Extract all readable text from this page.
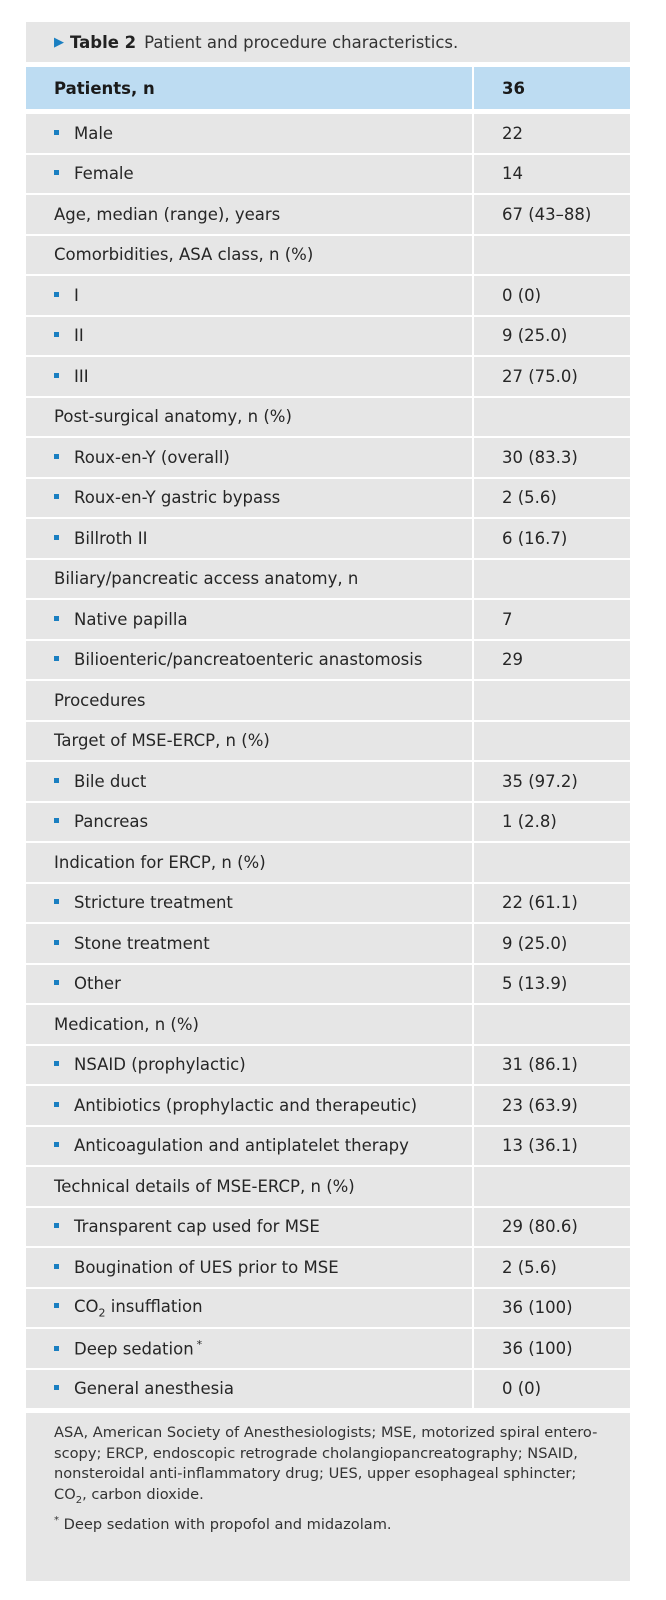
▶ Table 2 Patient and procedure characteristics.
Patients, n	36
Male	22
Female	14
Age, median (range), years	67 (43–88)
Comorbidities, ASA class, n (%)	
I	0 (0)
II	9 (25.0)
III	27 (75.0)
Post-surgical anatomy, n (%)	
Roux-en-Y (overall)	30 (83.3)
Roux-en-Y gastric bypass	2 (5.6)
Billroth II	6 (16.7)
Biliary/pancreatic access anatomy, n	
Native papilla	7
Bilioenteric/pancreatoenteric anastomosis	29
Procedures	
Target of MSE-ERCP, n (%)	
Bile duct	35 (97.2)
Pancreas	1 (2.8)
Indication for ERCP, n (%)	
Stricture treatment	22 (61.1)
Stone treatment	9 (25.0)
Other	5 (13.9)
Medication, n (%)	
NSAID (prophylactic)	31 (86.1)
Antibiotics (prophylactic and therapeutic)	23 (63.9)
Anticoagulation and antiplatelet therapy	13 (36.1)
Technical details of MSE-ERCP, n (%)	
Transparent cap used for MSE	29 (80.6)
Bougination of UES prior to MSE	2 (5.6)
$CO_2$ insufflation	36 (100)
Deep sedation *	36 (100)
General anesthesia	0 (0)

ASA, American Society of Anesthesiologists; MSE, motorized spiral entero-

scopy; ERCP, endoscopic retrograde cholangiopancreatography; NSAID,

nonsteroidal anti-inflammatory drug; UES, upper esophageal sphincter;

$CO_2$, carbon dioxide.

* Deep sedation with propofol and midazolam.
